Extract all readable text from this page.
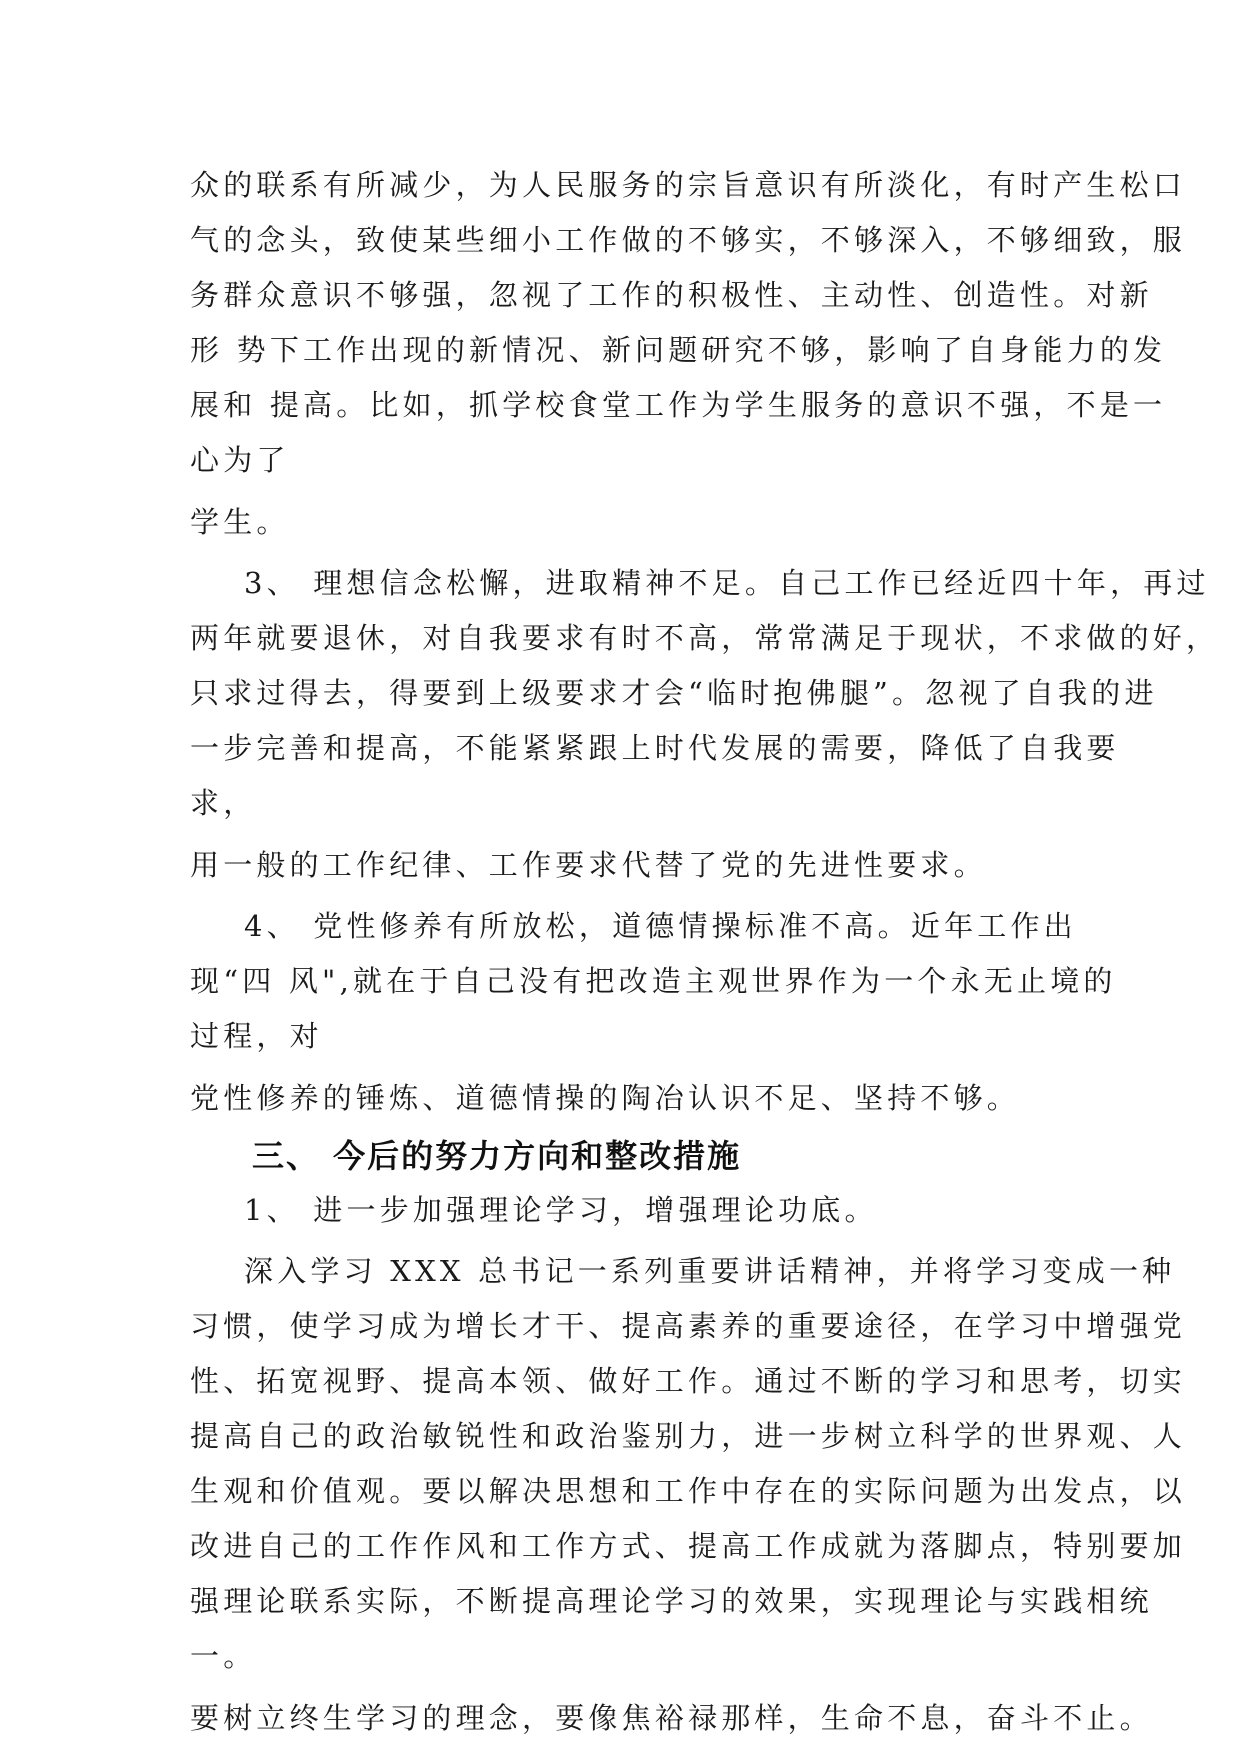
众的联系有所减少，为人民服务的宗旨意识有所淡化，有时产生松口
气的念头，致使某些细小工作做的不够实，不够深入，不够细致，服
务群众意识不够强，忽视了工作的积极性、主动性、创造性。对新
形 势下工作出现的新情况、新问题研究不够，影响了自身能力的发
展和 提高。比如，抓学校食堂工作为学生服务的意识不强，不是一
心为了
学生。
3、 理想信念松懈，进取精神不足。自己工作已经近四十年，再过
两年就要退休，对自我要求有时不高，常常满足于现状，不求做的好，
只求过得去，得要到上级要求才会“临时抱佛腿”。忽视了自我的进
一步完善和提高，不能紧紧跟上时代发展的需要，降低了自我要
求，
用一般的工作纪律、工作要求代替了党的先进性要求。
4、 党性修养有所放松，道德情操标准不高。近年工作出
现“四 风",就在于自己没有把改造主观世界作为一个永无止境的
过程，对
党性修养的锤炼、道德情操的陶冶认识不足、坚持不够。
三、 今后的努力方向和整改措施
1、 进一步加强理论学习，增强理论功底。
深入学习 XXX 总书记一系列重要讲话精神，并将学习变成一种
习惯，使学习成为增长才干、提高素养的重要途径，在学习中增强党
性、拓宽视野、提高本领、做好工作。通过不断的学习和思考，切实
提高自己的政治敏锐性和政治鉴别力，进一步树立科学的世界观、人
生观和价值观。要以解决思想和工作中存在的实际问题为出发点，以
改进自己的工作作风和工作方式、提高工作成就为落脚点，特别要加
强理论联系实际，不断提高理论学习的效果，实现理论与实践相统
一。
要树立终生学习的理念，要像焦裕禄那样，生命不息，奋斗不止。
